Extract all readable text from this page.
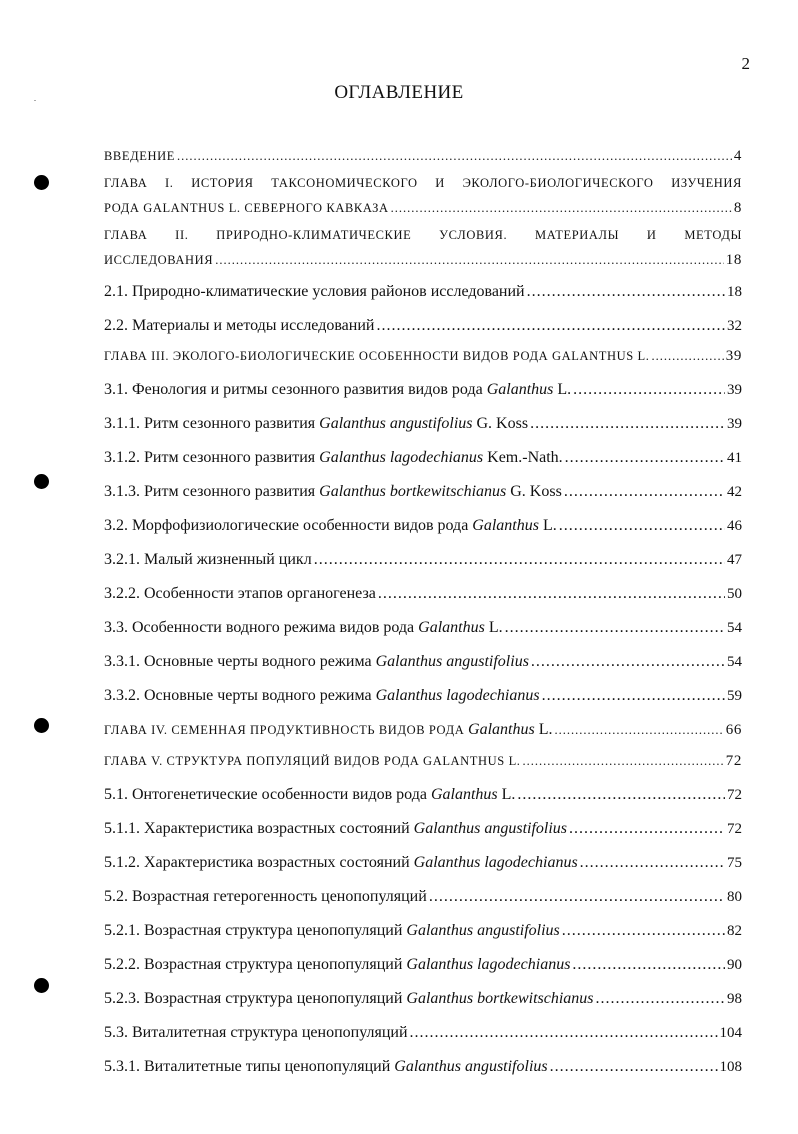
2
ОГЛАВЛЕНИЕ
ВВЕДЕНИЕ .....	4
ГЛАВА I. ИСТОРИЯ ТАКСОНОМИЧЕСКОГО И ЭКОЛОГО-БИОЛОГИЧЕСКОГО ИЗУЧЕНИЯ
РОДА GALANTHUS L. СЕВЕРНОГО КАВКАЗА .....	8
ГЛАВА II. ПРИРОДНО-КЛИМАТИЧЕСКИЕ УСЛОВИЯ. МАТЕРИАЛЫ И МЕТОДЫ
ИССЛЕДОВАНИЯ .....	18
2.1. Природно-климатические условия районов исследований .....	18
2.2. Материалы и методы исследований .....	32
ГЛАВА III. ЭКОЛОГО-БИОЛОГИЧЕСКИЕ ОСОБЕННОСТИ ВИДОВ РОДА GALANTHUS L. .....	39
3.1. Фенология и ритмы сезонного развития видов рода Galanthus L. .....	39
3.1.1. Ритм сезонного развития Galanthus angustifolius G. Koss .....	39
3.1.2. Ритм сезонного развития Galanthus lagodechianus Kem.-Nath. .....	41
3.1.3. Ритм сезонного развития Galanthus bortkewitschianus G. Koss .....	42
3.2. Морфофизиологические особенности видов рода Galanthus L. .....	46
3.2.1. Малый жизненный цикл .....	47
3.2.2. Особенности этапов органогенеза .....	50
3.3. Особенности водного режима видов рода Galanthus L. .....	54
3.3.1. Основные черты водного режима Galanthus angustifolius .....	54
3.3.2. Основные черты водного режима Galanthus lagodechianus .....	59
ГЛАВА IV. СЕМЕННАЯ ПРОДУКТИВНОСТЬ ВИДОВ РОДА Galanthus L. .....	66
ГЛАВА V. СТРУКТУРА ПОПУЛЯЦИЙ ВИДОВ РОДА GALANTHUS L. .....	72
5.1. Онтогенетические особенности видов рода Galanthus L. .....	72
5.1.1. Характеристика возрастных состояний Galanthus angustifolius .....	72
5.1.2. Характеристика возрастных состояний Galanthus lagodechianus .....	75
5.2. Возрастная гетерогенность ценопопуляций .....	80
5.2.1. Возрастная структура ценопопуляций Galanthus angustifolius .....	82
5.2.2. Возрастная структура ценопопуляций Galanthus lagodechianus .....	90
5.2.3. Возрастная структура ценопопуляций Galanthus bortkewitschianus .....	98
5.3. Виталитетная структура ценопопуляций .....	104
5.3.1. Виталитетные типы ценопопуляций Galanthus angustifolius .....	108
